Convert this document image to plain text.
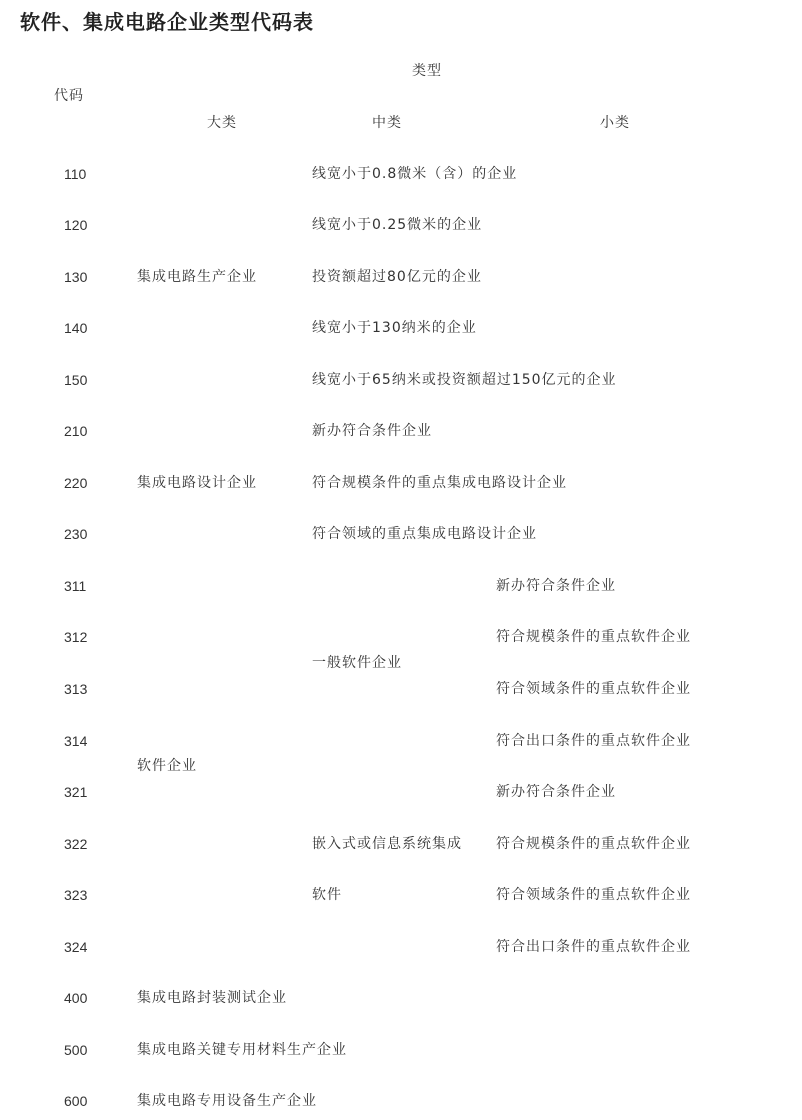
软件、集成电路企业类型代码表
类型
代码
大类	中类	小类
110
120
130
140
150
210
220
230
311
312
313
314
321
322
323
324
400
500
600
集成电路生产企业
集成电路设计企业
软件企业
集成电路封装测试企业
集成电路关键专用材料生产企业
集成电路专用设备生产企业
线宽小于0.8微米（含）的企业
线宽小于0.25微米的企业
投资额超过80亿元的企业
线宽小于130纳米的企业
线宽小于65纳米或投资额超过150亿元的企业
新办符合条件企业
符合规模条件的重点集成电路设计企业
符合领域的重点集成电路设计企业
一般软件企业
嵌入式或信息系统集成
软件
新办符合条件企业
符合规模条件的重点软件企业
符合领域条件的重点软件企业
符合出口条件的重点软件企业
新办符合条件企业
符合规模条件的重点软件企业
符合领域条件的重点软件企业
符合出口条件的重点软件企业
